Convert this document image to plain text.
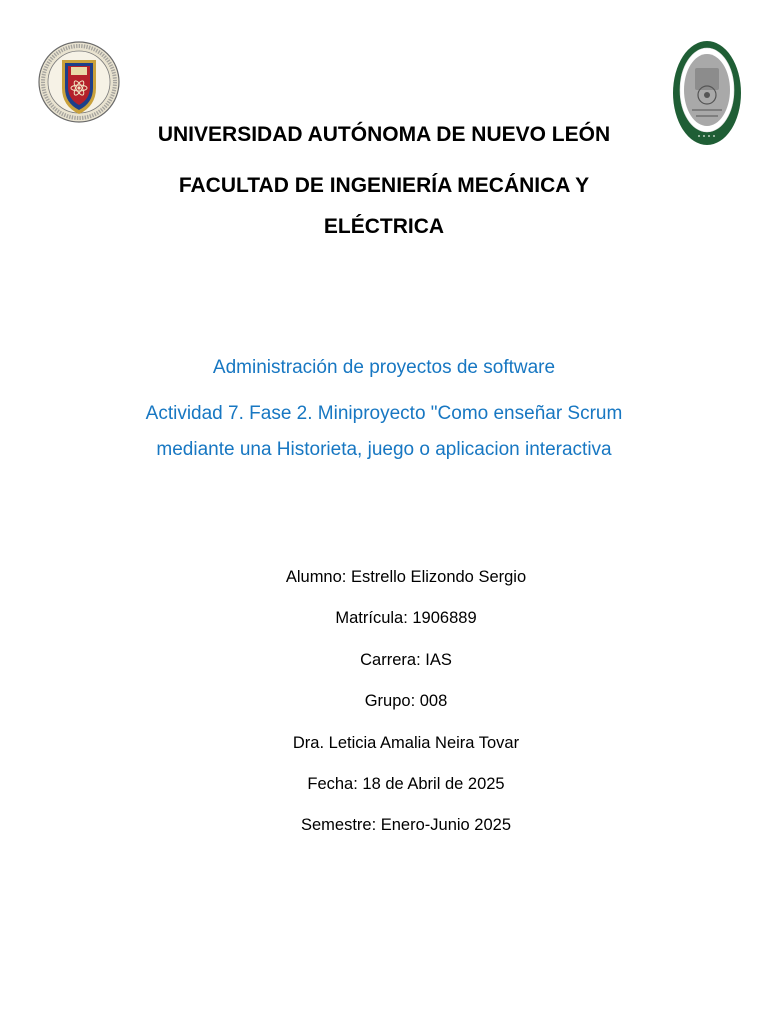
UNIVERSIDAD AUTÓNOMA DE NUEVO LEÓN
FACULTAD DE INGENIERÍA MECÁNICA Y
ELÉCTRICA
Administración de proyectos de software
Actividad 7. Fase 2. Miniproyecto "Como enseñar Scrum
mediante una Historieta, juego o aplicacion interactiva
Alumno: Estrello Elizondo Sergio
Matrícula: 1906889
Carrera: IAS
Grupo: 008
Dra. Leticia Amalia Neira Tovar
Fecha: 18 de Abril de 2025
Semestre: Enero-Junio 2025
